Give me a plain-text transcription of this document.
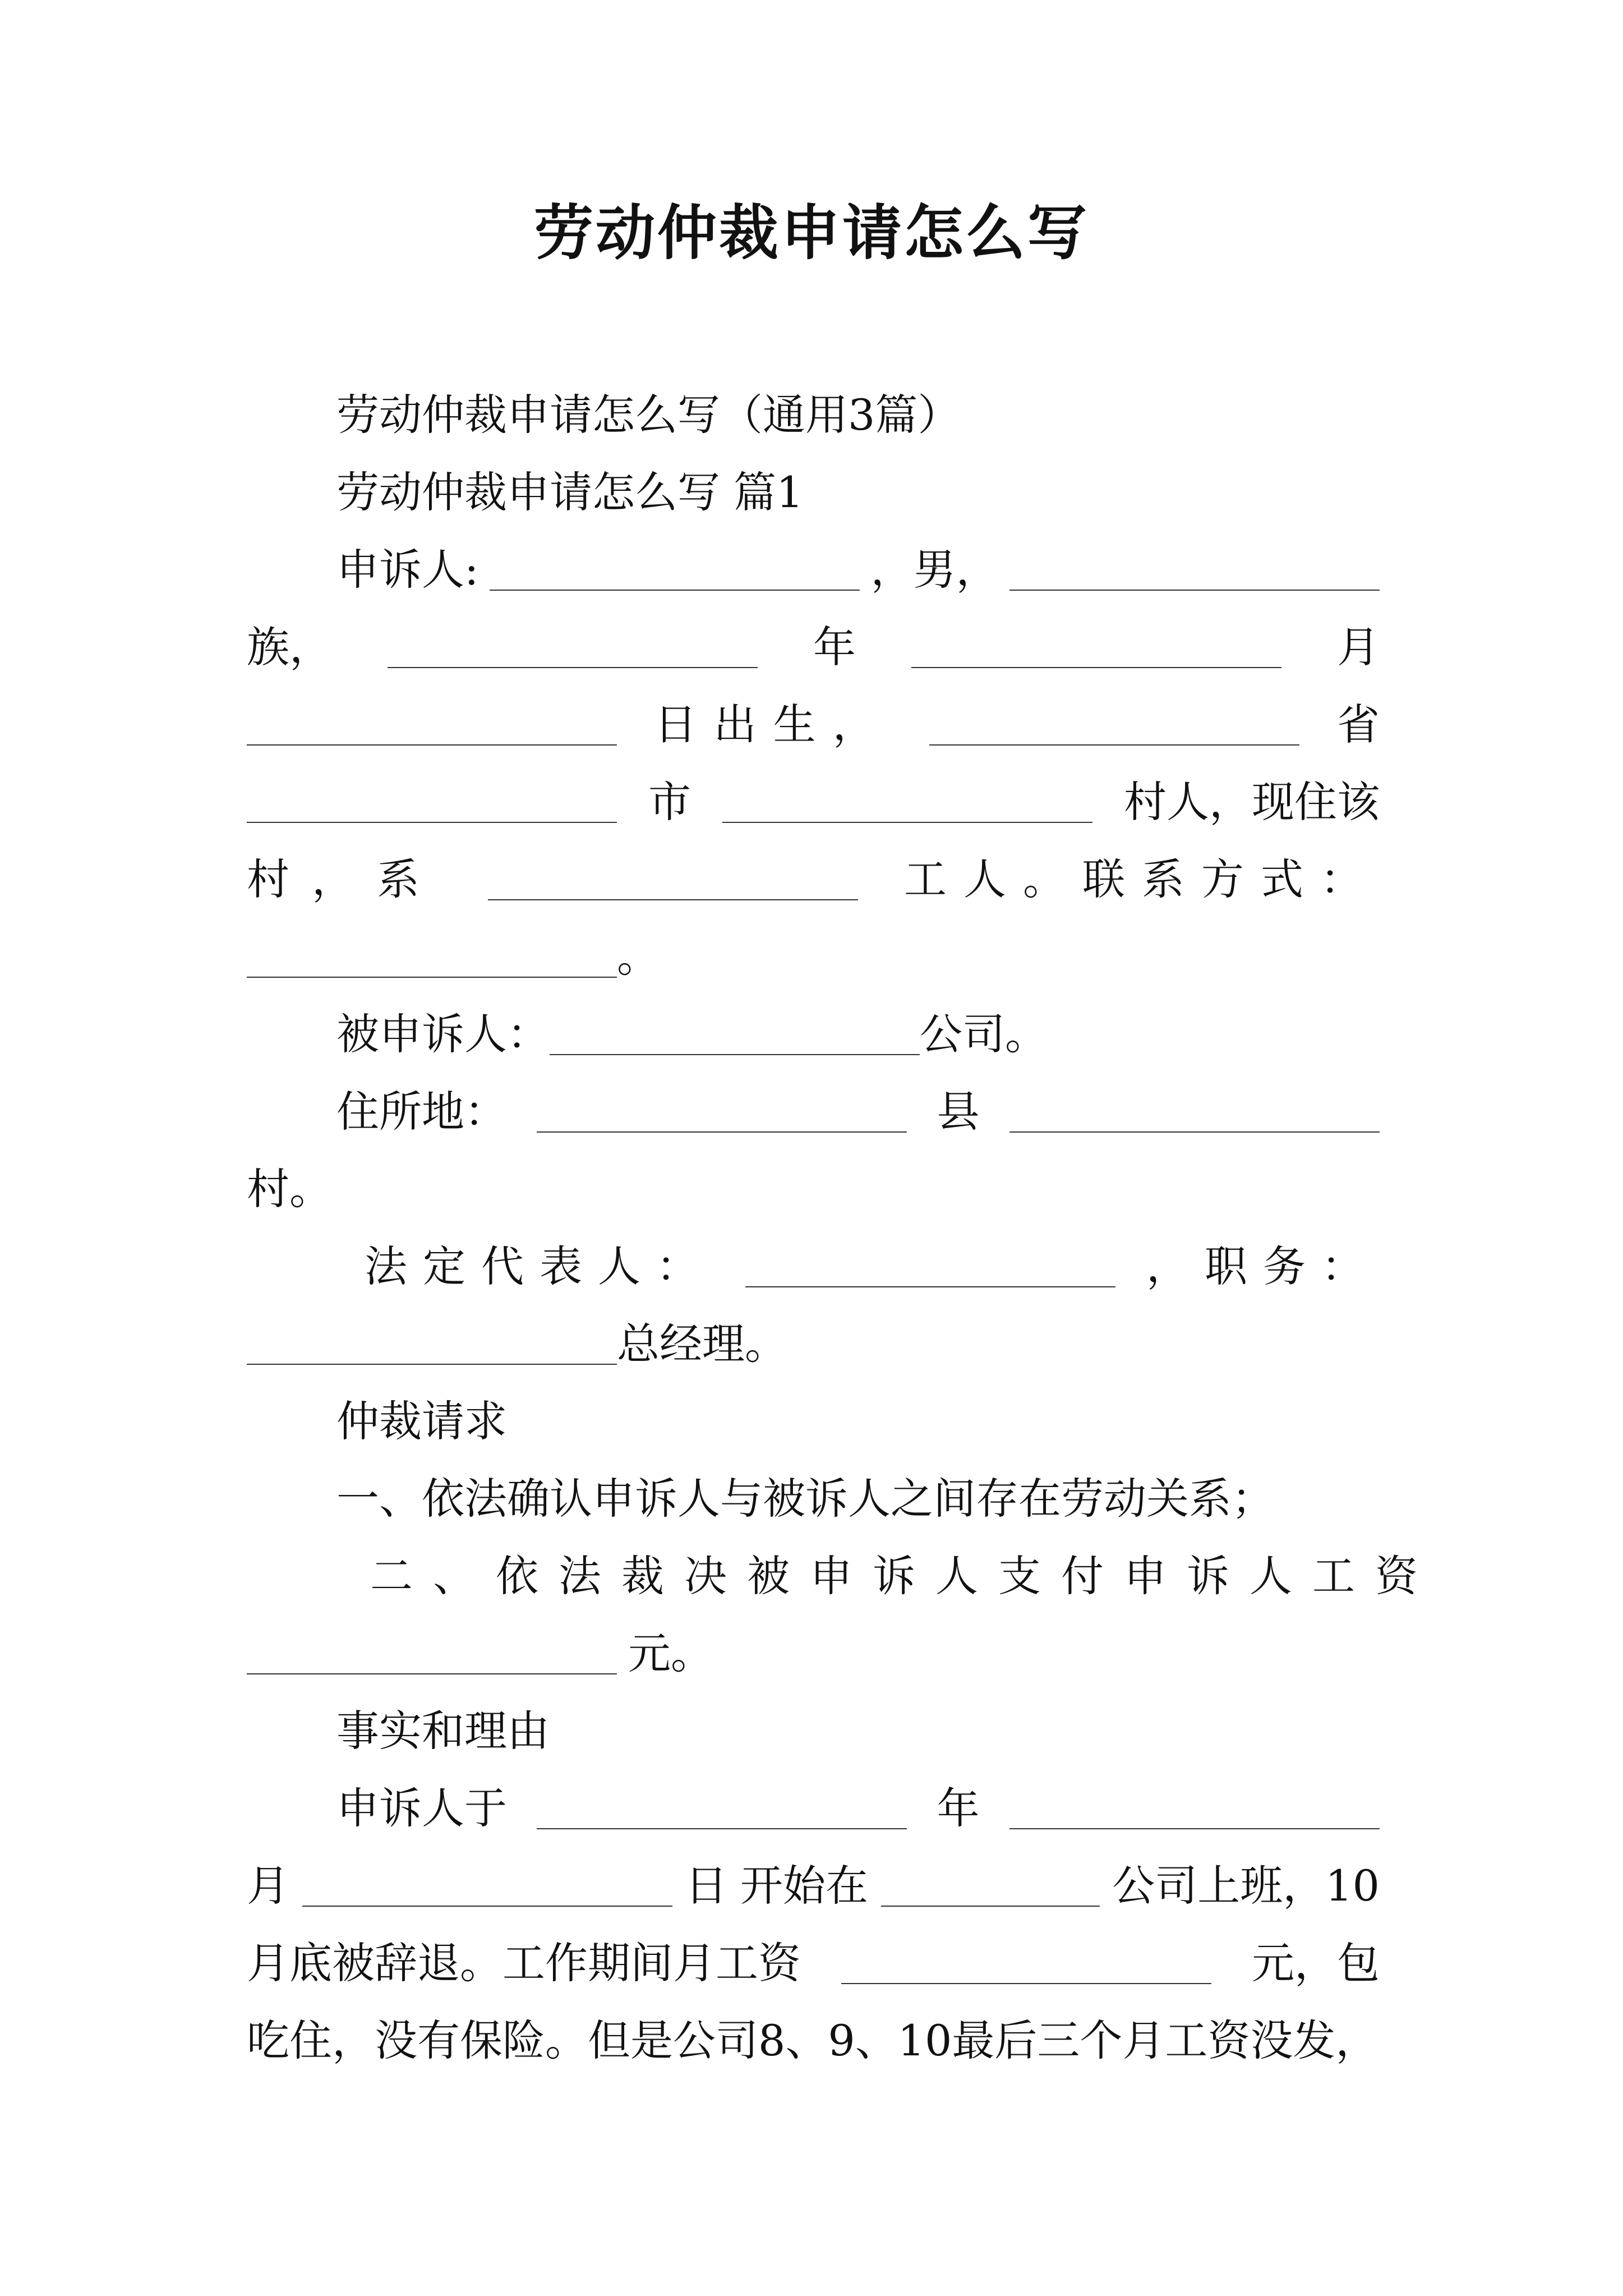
劳动仲裁申请怎么写
劳动仲裁申请怎么写（通用3篇）
劳动仲裁申请怎么写 篇1
申诉人:	，男，
族，	年	月
日出生，	省
市	村人，现住该
村，系	工人。联系方式：
。
被申诉人：	公司。
住所地：	县
村。
法定代表人：	，职务：
总经理。
仲裁请求
一、依法确认申诉人与被诉人之间存在劳动关系；
二、依法裁决被申诉人支付申诉人工资
元。
事实和理由
申诉人于	年
月	日 开始在	公司上班，10
月底被辞退。工作期间月工资	元，包
吃住，没有保险。但是公司8、9、10最后三个月工资没发，
